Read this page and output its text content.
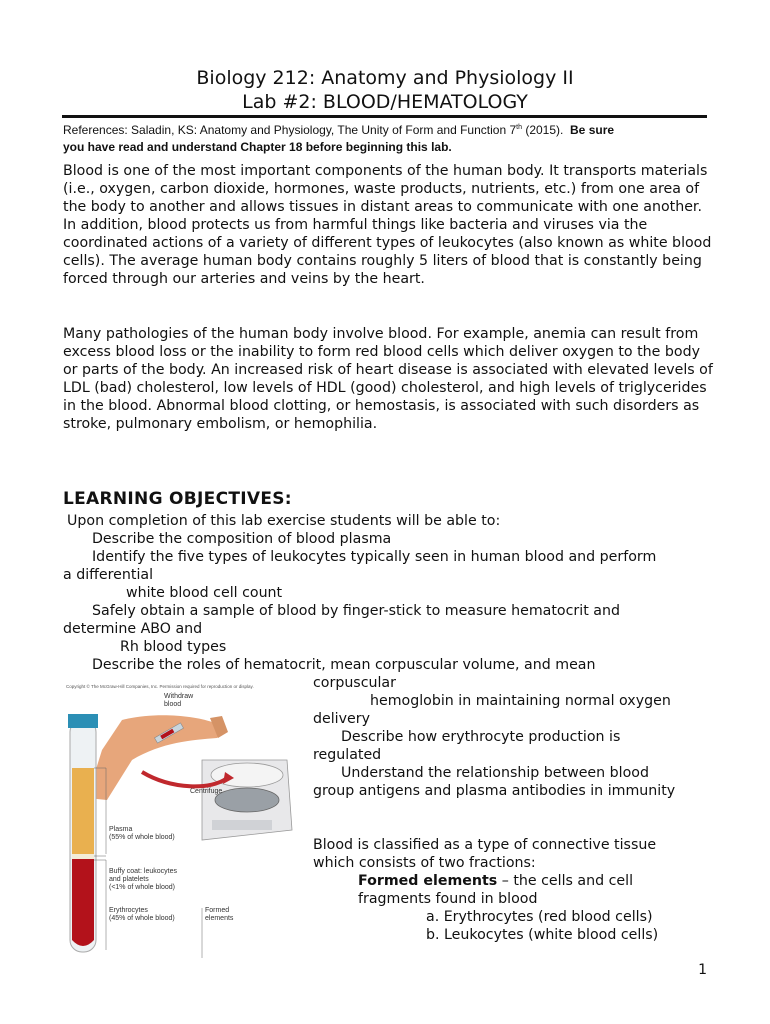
Biology 212: Anatomy and Physiology II
Lab #2: BLOOD/HEMATOLOGY
References: Saladin, KS: Anatomy and Physiology, The Unity of Form and Function 7th (2015).  Be sure
you have read and understand Chapter 18 before beginning this lab.
Blood is one of the most important components of the human body. It transports materials (i.e., oxygen, carbon dioxide, hormones, waste products, nutrients, etc.) from one area of the body to another and allows tissues in distant areas to communicate with one another. In addition, blood protects us from harmful things like bacteria and viruses via the coordinated actions of a variety of different types of leukocytes (also known as white blood cells). The average human body contains roughly 5 liters of blood that is constantly being forced through our arteries and veins by the heart.
Many pathologies of the human body involve blood. For example, anemia can result from excess blood loss or the inability to form red blood cells which deliver oxygen to the body or parts of the body. An increased risk of heart disease is associated with elevated levels of LDL (bad) cholesterol, low levels of HDL (good) cholesterol, and high levels of triglycerides in the blood. Abnormal blood clotting, or hemostasis, is associated with such disorders as stroke, pulmonary embolism, or hemophilia.
LEARNING OBJECTIVES:
Upon completion of this lab exercise students will be able to:
Describe the composition of blood plasma
Identify the five types of leukocytes typically seen in human blood and perform
a differential
white blood cell count
Safely obtain a sample of blood by finger-stick to measure hematocrit and
determine ABO and
Rh blood types
Describe the roles of hematocrit, mean corpuscular volume, and mean
corpuscular
hemoglobin in maintaining normal oxygen
delivery
Describe how erythrocyte production is
regulated
Understand the relationship between blood
group antigens and plasma antibodies in immunity
Blood is classified as a type of connective tissue
which consists of two fractions:
Formed elements – the cells and cell
fragments found in blood
a. Erythrocytes (red blood cells)
b. Leukocytes (white blood cells)
Copyright © The McGraw-Hill Companies, Inc. Permission required for reproduction or display.
Withdraw
blood
Centrifuge
Plasma
(55% of whole blood)
Buffy coat: leukocytes
and platelets
(<1% of whole blood)
Erythrocytes
(45% of whole blood)
Formed
elements
1
